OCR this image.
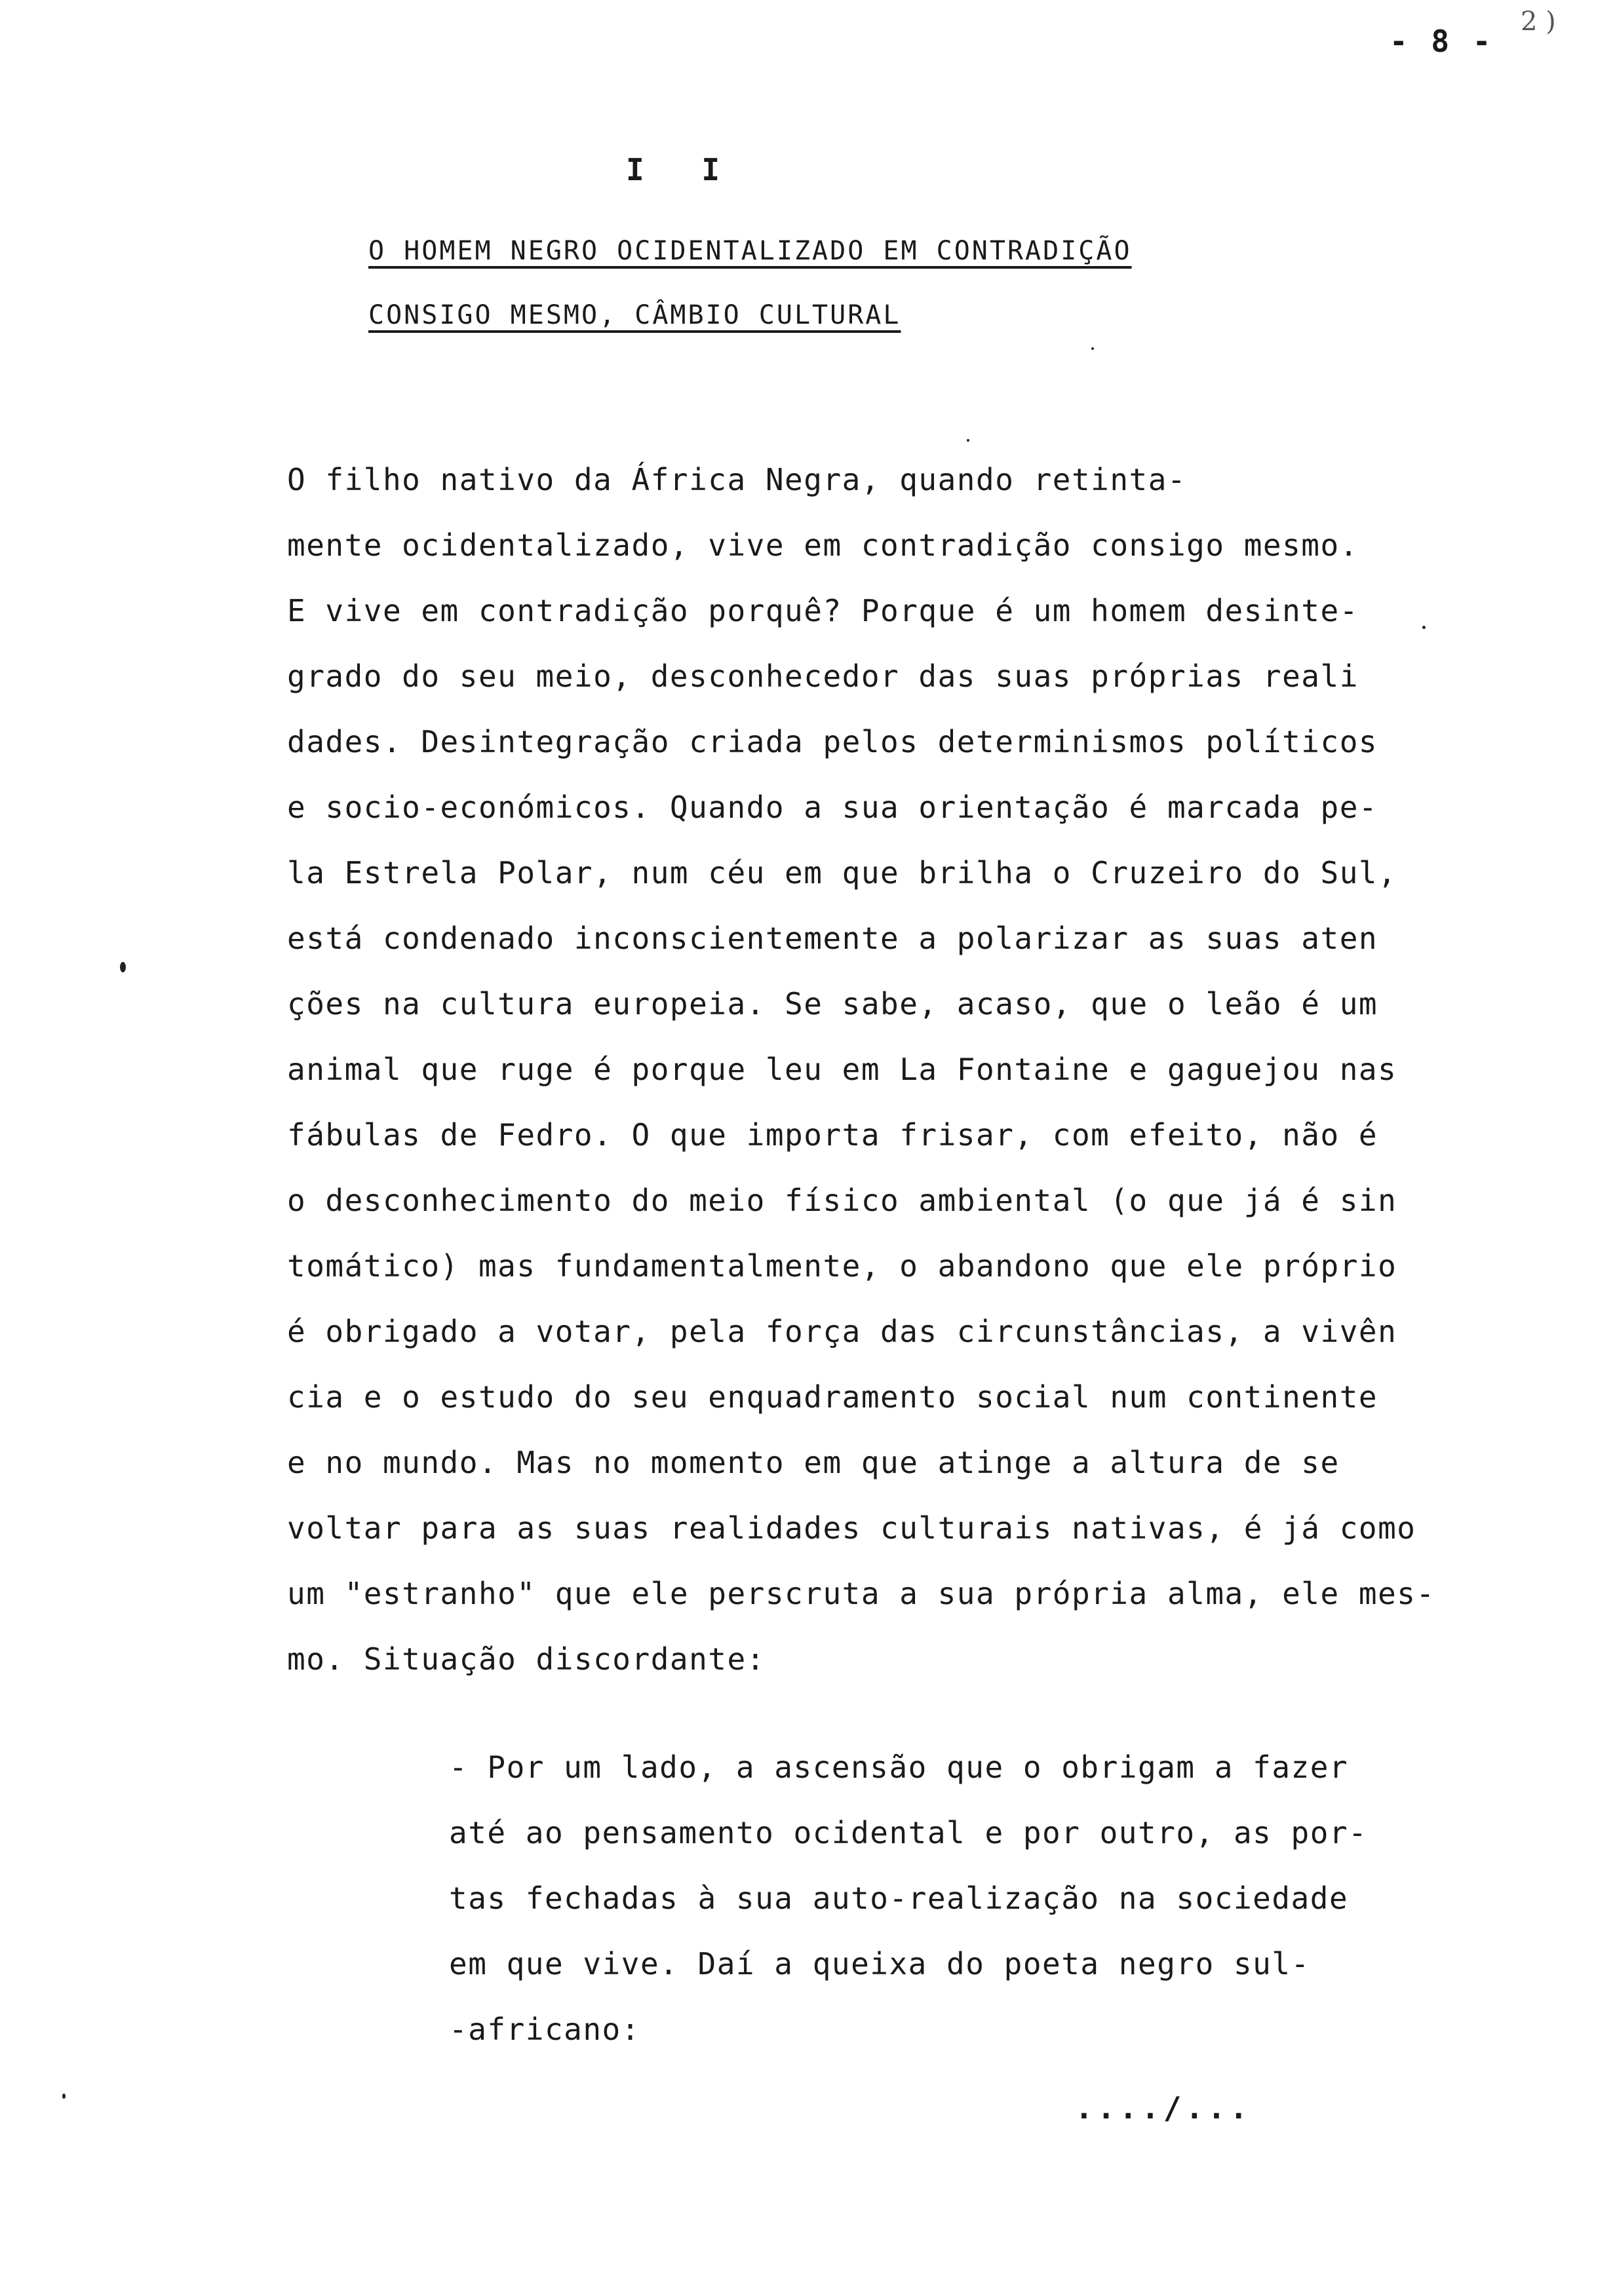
- 8 -
2 )
I I
O HOMEM NEGRO OCIDENTALIZADO EM CONTRADIÇÃO
CONSIGO MESMO, CÂMBIO CULTURAL
O filho nativo da África Negra, quando retinta-
mente ocidentalizado, vive em contradição consigo mesmo.
E vive em contradição porquê? Porque é um homem desinte-
grado do seu meio, desconhecedor das suas próprias reali
dades. Desintegração criada pelos determinismos políticos
e socio-económicos. Quando a sua orientação é marcada pe-
la Estrela Polar, num céu em que brilha o Cruzeiro do Sul,
está condenado inconscientemente a polarizar as suas aten
ções na cultura europeia. Se sabe, acaso, que o leão é um
animal que ruge é porque leu em La Fontaine e gaguejou nas
fábulas de Fedro. O que importa frisar, com efeito, não é
o desconhecimento do meio físico ambiental (o que já é sin
tomático) mas fundamentalmente, o abandono que ele próprio
é obrigado a votar, pela força das circunstâncias, a vivên
cia e o estudo do seu enquadramento social num continente
e no mundo. Mas no momento em que atinge a altura de se
voltar para as suas realidades culturais nativas, é já como
um "estranho" que ele perscruta a sua própria alma, ele mes-
mo. Situação discordante:
- Por um lado, a ascensão que o obrigam a fazer
até ao pensamento ocidental e por outro, as por-
tas fechadas à sua auto-realização na sociedade
em que vive. Daí a queixa do poeta negro sul-
-africano:
..../...
